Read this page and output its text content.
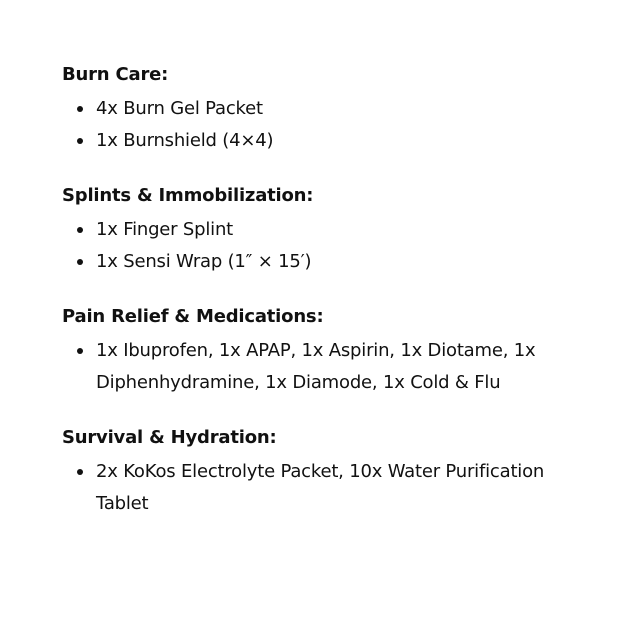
Burn Care:
4x Burn Gel Packet
1x Burnshield (4×4)
Splints & Immobilization:
1x Finger Splint
1x Sensi Wrap (1″ × 15′)
Pain Relief & Medications:
1x Ibuprofen, 1x APAP, 1x Aspirin, 1x Diotame, 1x Diphenhydramine, 1x Diamode, 1x Cold & Flu
Survival & Hydration:
2x KoKos Electrolyte Packet, 10x Water Purification Tablet
